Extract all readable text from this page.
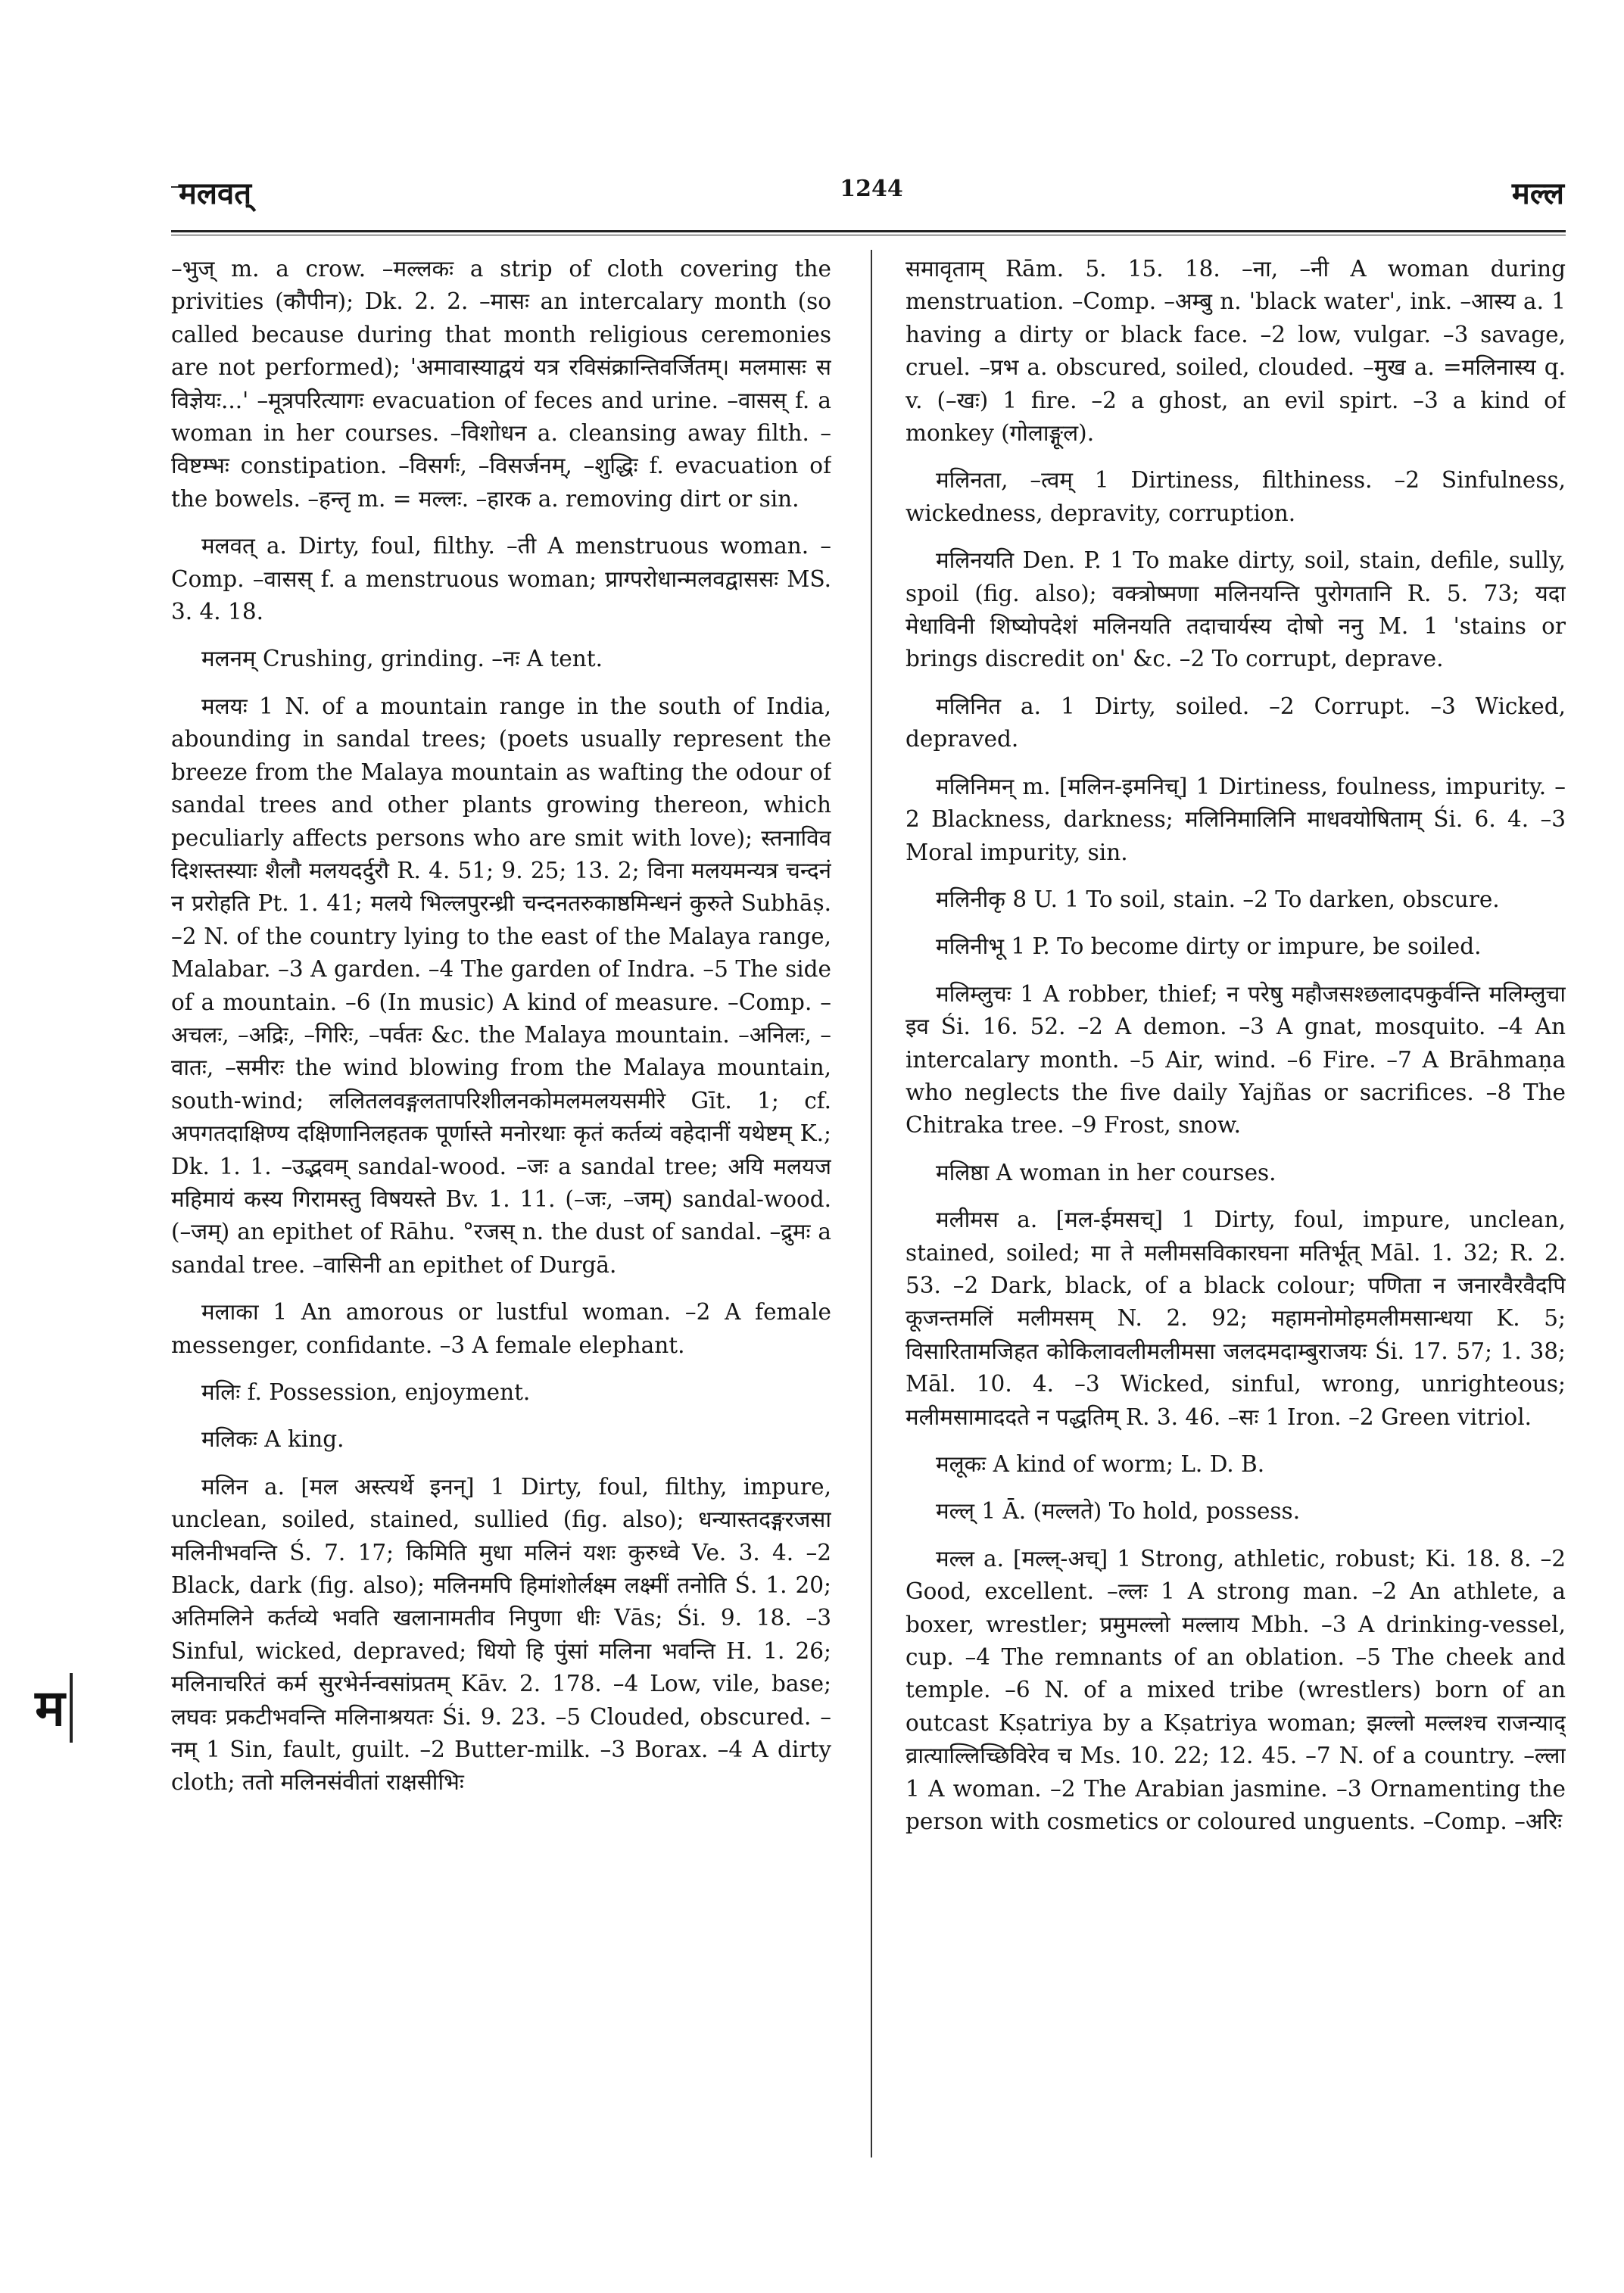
मलवत्	1244	मल्ल

–भुज् m. a crow. –मल्लकः a strip of cloth covering the privities (कौपीन); Dk. 2. 2. –मासः an intercalary month (so called because during that month religious ceremonies are not performed); 'अमावास्याद्वयं यत्र रविसंक्रान्तिवर्जितम्। मलमासः स विज्ञेयः...' –मूत्रपरित्यागः evacuation of feces and urine. –वासस् f. a woman in her courses. –विशोधन a. cleansing away filth. –विष्टम्भः constipation. –विसर्गः, –विसर्जनम्, –शुद्धिः f. evacuation of the bowels. –हन्तृ m. = मल्लः. –हारक a. removing dirt or sin.

मलवत् a. Dirty, foul, filthy. –ती A menstruous woman. –Comp. –वासस् f. a menstruous woman; प्राग्परोधान्मलवद्वाससः MS. 3. 4. 18.

मलनम् Crushing, grinding. –नः A tent.

मलयः 1 N. of a mountain range in the south of India, abounding in sandal trees; (poets usually represent the breeze from the Malaya mountain as wafting the odour of sandal trees and other plants growing thereon, which peculiarly affects persons who are smit with love); स्तनाविव दिशस्तस्याः शैलौ मलयदर्दुरौ R. 4. 51; 9. 25; 13. 2; विना मलयमन्यत्र चन्दनं न प्ररोहति Pt. 1. 41; मलये भिल्लपुरन्ध्री चन्दनतरुकाष्ठमिन्धनं कुरुते Subhāṣ. –2 N. of the country lying to the east of the Malaya range, Malabar. –3 A garden. –4 The garden of Indra. –5 The side of a mountain. –6 (In music) A kind of measure. –Comp. –अचलः, –अद्रिः, –गिरिः, –पर्वतः &c. the Malaya mountain. –अनिलः, –वातः, –समीरः the wind blowing from the Malaya mountain, south-wind; ललितलवङ्गलतापरिशीलनकोमलमलयसमीरे Gīt. 1; cf. अपगतदाक्षिण्य दक्षिणानिलहतक पूर्णास्ते मनोरथाः कृतं कर्तव्यं वहेदानीं यथेष्टम् K.; Dk. 1. 1. –उद्भवम् sandal-wood. –जः a sandal tree; अयि मलयज महिमायं कस्य गिरामस्तु विषयस्ते Bv. 1. 11. (–जः, –जम्) sandal-wood. (–जम्) an epithet of Rāhu. °रजस् n. the dust of sandal. –द्रुमः a sandal tree. –वासिनी an epithet of Durgā.

मलाका 1 An amorous or lustful woman. –2 A female messenger, confidante. –3 A female elephant.

मलिः f. Possession, enjoyment.

मलिकः A king.

मलिन a. [मल अस्त्यर्थे इनन्] 1 Dirty, foul, filthy, impure, unclean, soiled, stained, sullied (fig. also); धन्यास्तदङ्गरजसा मलिनीभवन्ति Ś. 7. 17; किमिति मुधा मलिनं यशः कुरुध्वे Ve. 3. 4. –2 Black, dark (fig. also); मलिनमपि हिमांशोर्लक्ष्म लक्ष्मीं तनोति Ś. 1. 20; अतिमलिने कर्तव्ये भवति खलानामतीव निपुणा धीः Vās; Śi. 9. 18. –3 Sinful, wicked, depraved; धियो हि पुंसां मलिना भवन्ति H. 1. 26; मलिनाचरितं कर्म सुरभेर्नन्वसांप्रतम् Kāv. 2. 178. –4 Low, vile, base; लघवः प्रकटीभवन्ति मलिनाश्रयतः Śi. 9. 23. –5 Clouded, obscured. –नम् 1 Sin, fault, guilt. –2 Butter-milk. –3 Borax. –4 A dirty cloth; ततो मलिनसंवीतां राक्षसीभिः

समावृताम् Rām. 5. 15. 18. –ना, –नी A woman during menstruation. –Comp. –अम्बु n. 'black water', ink. –आस्य a. 1 having a dirty or black face. –2 low, vulgar. –3 savage, cruel. –प्रभ a. obscured, soiled, clouded. –मुख a. =मलिनास्य q. v. (–खः) 1 fire. –2 a ghost, an evil spirt. –3 a kind of monkey (गोलाङ्गूल).

मलिनता, –त्वम् 1 Dirtiness, filthiness. –2 Sinfulness, wickedness, depravity, corruption.

मलिनयति Den. P. 1 To make dirty, soil, stain, defile, sully, spoil (fig. also); वक्त्रोष्मणा मलिनयन्ति पुरोगतानि R. 5. 73; यदा मेधाविनी शिष्योपदेशं मलिनयति तदाचार्यस्य दोषो ननु M. 1 'stains or brings discredit on' &c. –2 To corrupt, deprave.

मलिनित a. 1 Dirty, soiled. –2 Corrupt. –3 Wicked, depraved.

मलिनिमन् m. [मलिन-इमनिच्] 1 Dirtiness, foulness, impurity. –2 Blackness, darkness; मलिनिमालिनि माधवयोषिताम् Śi. 6. 4. –3 Moral impurity, sin.

मलिनीकृ 8 U. 1 To soil, stain. –2 To darken, obscure.

मलिनीभू 1 P. To become dirty or impure, be soiled.

मलिम्लुचः 1 A robber, thief; न परेषु महौजसश्छलादपकुर्वन्ति मलिम्लुचा इव Śi. 16. 52. –2 A demon. –3 A gnat, mosquito. –4 An intercalary month. –5 Air, wind. –6 Fire. –7 A Brāhmaṇa who neglects the five daily Yajñas or sacrifices. –8 The Chitraka tree. –9 Frost, snow.

मलिष्ठा A woman in her courses.

मलीमस a. [मल-ईमसच्] 1 Dirty, foul, impure, unclean, stained, soiled; मा ते मलीमसविकारघना मतिर्भूत् Māl. 1. 32; R. 2. 53. –2 Dark, black, of a black colour; पणिता न जनारवैरवैदपि कूजन्तमलिं मलीमसम् N. 2. 92; महामनोमोहमलीमसान्धया K. 5; विसारितामजिहत कोकिलावलीमलीमसा जलदमदाम्बुराजयः Śi. 17. 57; 1. 38; Māl. 10. 4. –3 Wicked, sinful, wrong, unrighteous; मलीमसामाददते न पद्धतिम् R. 3. 46. –सः 1 Iron. –2 Green vitriol.

मलूकः A kind of worm; L. D. B.

मल्ल् 1 Ā. (मल्लते) To hold, possess.

मल्ल a. [मल्ल्-अच्] 1 Strong, athletic, robust; Ki. 18. 8. –2 Good, excellent. –ल्लः 1 A strong man. –2 An athlete, a boxer, wrestler; प्रमुमल्लो मल्लाय Mbh. –3 A drinking-vessel, cup. –4 The remnants of an oblation. –5 The cheek and temple. –6 N. of a mixed tribe (wrestlers) born of an outcast Kṣatriya by a Kṣatriya woman; झल्लो मल्लश्च राजन्याद् व्रात्याल्लिच्छिविरेव च Ms. 10. 22; 12. 45. –7 N. of a country. –ल्ला 1 A woman. –2 The Arabian jasmine. –3 Ornamenting the person with cosmetics or coloured unguents. –Comp. –अरिः

म
